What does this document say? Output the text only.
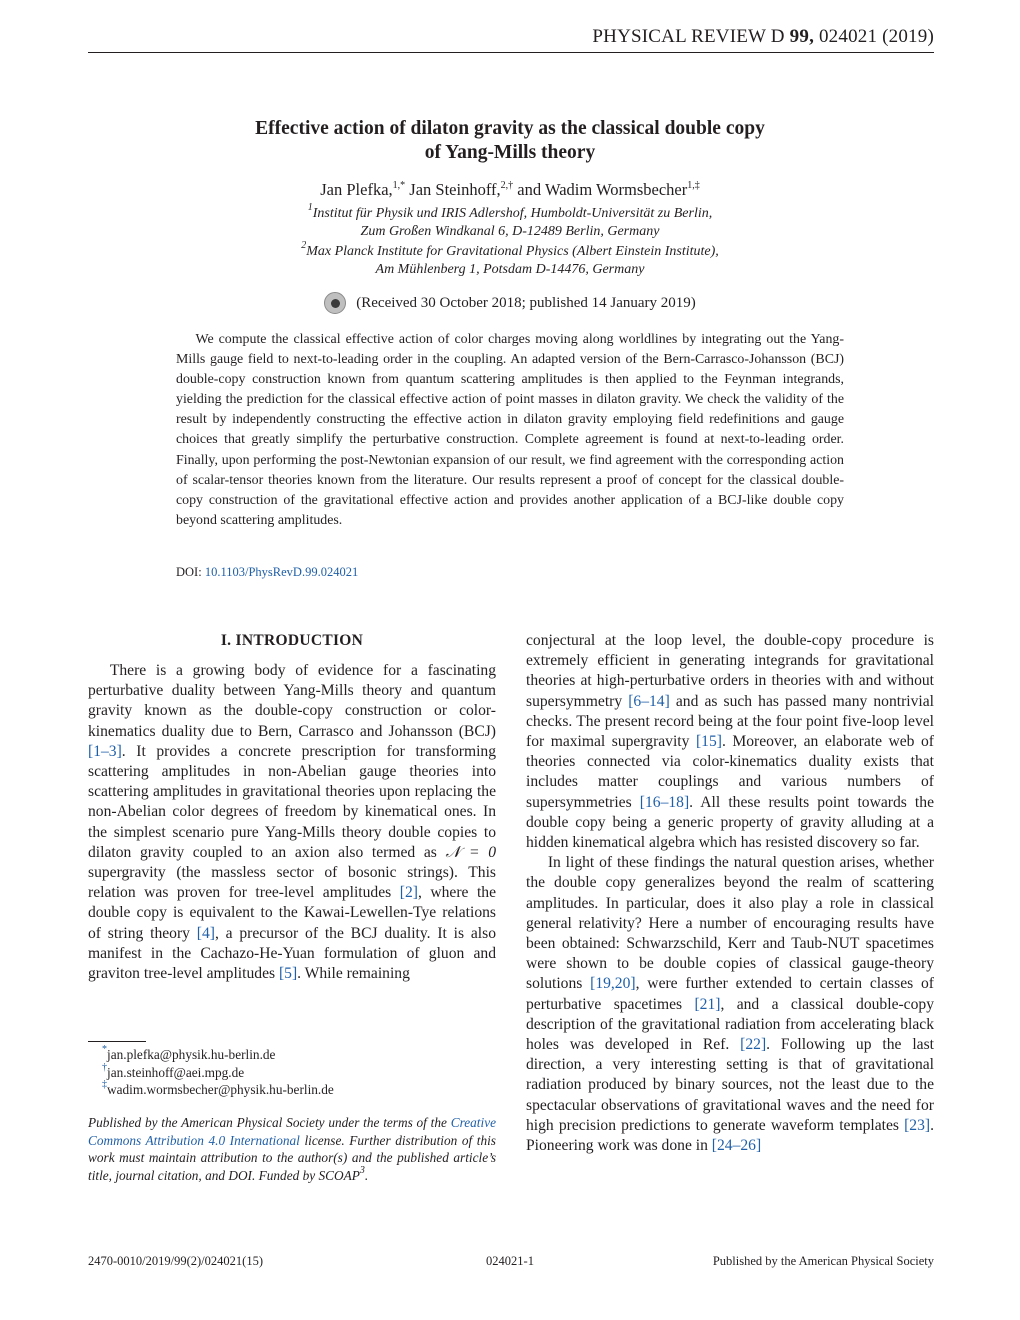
PHYSICAL REVIEW D 99, 024021 (2019)
Effective action of dilaton gravity as the classical double copy
of Yang-Mills theory
Jan Plefka,$^{1,*}$ Jan Steinhoff,$^{2,\dagger}$ and Wadim Wormsbecher$^{1,\ddagger}$
$^1$Institut für Physik und IRIS Adlershof, Humboldt-Universität zu Berlin,
Zum Großen Windkanal 6, D-12489 Berlin, Germany
$^2$Max Planck Institute for Gravitational Physics (Albert Einstein Institute),
Am Mühlenberg 1, Potsdam D-14476, Germany
(Received 30 October 2018; published 14 January 2019)
We compute the classical effective action of color charges moving along worldlines by integrating out the Yang-Mills gauge field to next-to-leading order in the coupling. An adapted version of the Bern-Carrasco-Johansson (BCJ) double-copy construction known from quantum scattering amplitudes is then applied to the Feynman integrands, yielding the prediction for the classical effective action of point masses in dilaton gravity. We check the validity of the result by independently constructing the effective action in dilaton gravity employing field redefinitions and gauge choices that greatly simplify the perturbative construction. Complete agreement is found at next-to-leading order. Finally, upon performing the post-Newtonian expansion of our result, we find agreement with the corresponding action of scalar-tensor theories known from the literature. Our results represent a proof of concept for the classical double-copy construction of the gravitational effective action and provides another application of a BCJ-like double copy beyond scattering amplitudes.
DOI: 10.1103/PhysRevD.99.024021
I. INTRODUCTION
There is a growing body of evidence for a fascinating perturbative duality between Yang-Mills theory and quantum gravity known as the double-copy construction or color-kinematics duality due to Bern, Carrasco and Johansson (BCJ) [1–3]. It provides a concrete prescription for transforming scattering amplitudes in non-Abelian gauge theories into scattering amplitudes in gravitational theories upon replacing the non-Abelian color degrees of freedom by kinematical ones. In the simplest scenario pure Yang-Mills theory double copies to dilaton gravity coupled to an axion also termed as 𝒩 = 0 supergravity (the massless sector of bosonic strings). This relation was proven for tree-level amplitudes [2], where the double copy is equivalent to the Kawai-Lewellen-Tye relations of string theory [4], a precursor of the BCJ duality. It is also manifest in the Cachazo-He-Yuan formulation of gluon and graviton tree-level amplitudes [5]. While remaining

conjectural at the loop level, the double-copy procedure is extremely efficient in generating integrands for gravitational theories at high-perturbative orders in theories with and without supersymmetry [6–14] and as such has passed many nontrivial checks. The present record being at the four point five-loop level for maximal supergravity [15]. Moreover, an elaborate web of theories connected via color-kinematics duality exists that includes matter couplings and various numbers of supersymmetries [16–18]. All these results point towards the double copy being a generic property of gravity alluding at a hidden kinematical algebra which has resisted discovery so far.

In light of these findings the natural question arises, whether the double copy generalizes beyond the realm of scattering amplitudes. In particular, does it also play a role in classical general relativity? Here a number of encouraging results have been obtained: Schwarzschild, Kerr and Taub-NUT spacetimes were shown to be double copies of classical gauge-theory solutions [19,20], were further extended to certain classes of perturbative spacetimes [21], and a classical double-copy description of the gravitational radiation from accelerating black holes was developed in Ref. [22]. Following up the last direction, a very interesting setting is that of gravitational radiation produced by binary sources, not the least due to the spectacular observations of gravitational waves and the need for high precision predictions to generate waveform templates [23]. Pioneering work was done in [24–26]

*jan.plefka@physik.hu-berlin.de
†jan.steinhoff@aei.mpg.de
‡wadim.wormsbecher@physik.hu-berlin.de
Published by the American Physical Society under the terms of the Creative Commons Attribution 4.0 International license. Further distribution of this work must maintain attribution to the author(s) and the published article’s title, journal citation, and DOI. Funded by SCOAP$^3$.
2470-0010/2019/99(2)/024021(15)	024021-1	Published by the American Physical Society
